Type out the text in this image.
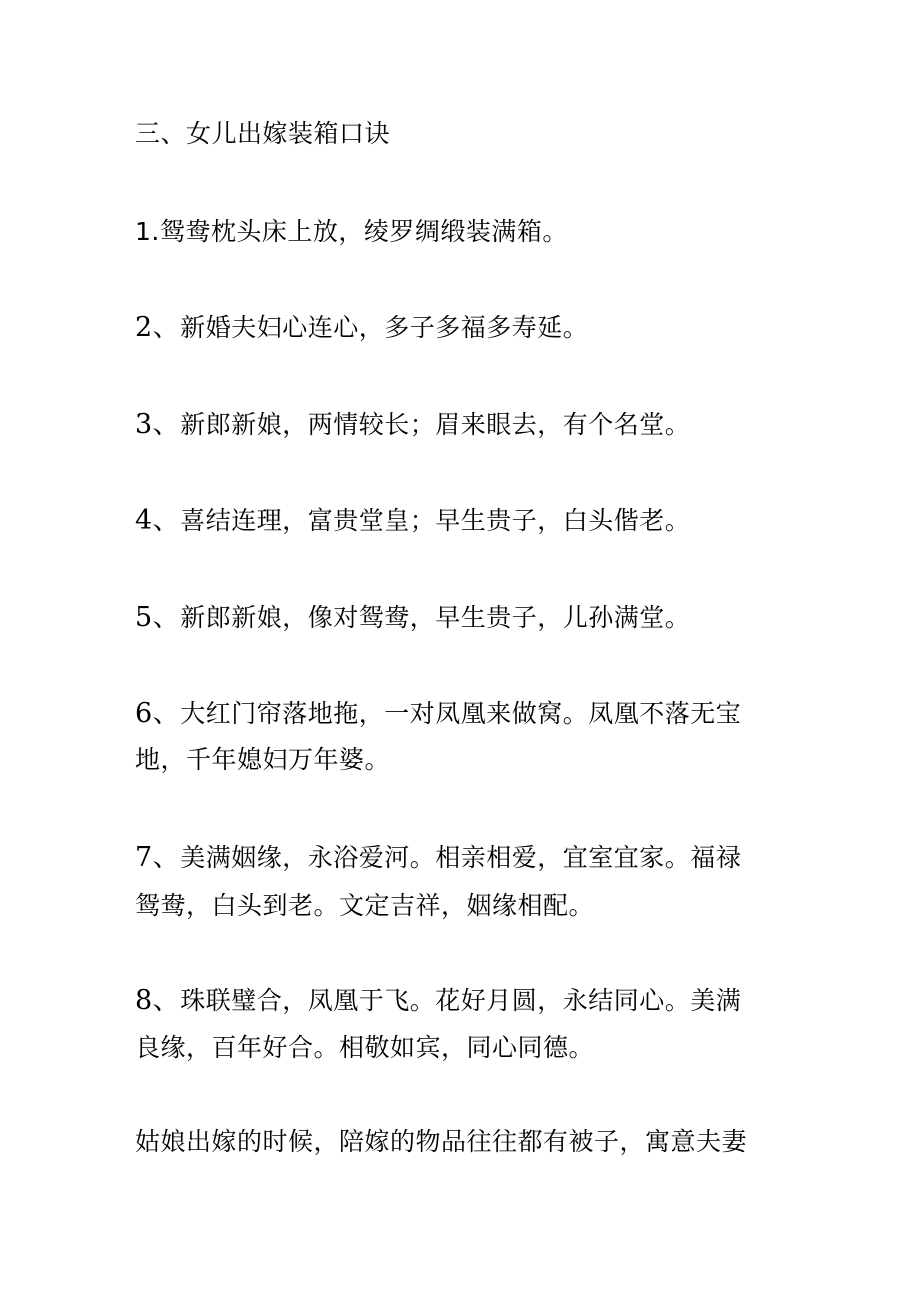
三、女儿出嫁装箱口诀
1.鸳鸯枕头床上放，绫罗绸缎装满箱。
2、新婚夫妇心连心，多子多福多寿延。
3、新郎新娘，两情较长；眉来眼去，有个名堂。
4、喜结连理，富贵堂皇；早生贵子，白头偕老。
5、新郎新娘，像对鸳鸯，早生贵子，儿孙满堂。
6、大红门帘落地拖，一对凤凰来做窝。凤凰不落无宝
地，千年媳妇万年婆。
7、美满姻缘，永浴爱河。相亲相爱，宜室宜家。福禄
鸳鸯，白头到老。文定吉祥，姻缘相配。
8、珠联璧合，凤凰于飞。花好月圆，永结同心。美满
良缘，百年好合。相敬如宾，同心同德。
姑娘出嫁的时候，陪嫁的物品往往都有被子，寓意夫妻
